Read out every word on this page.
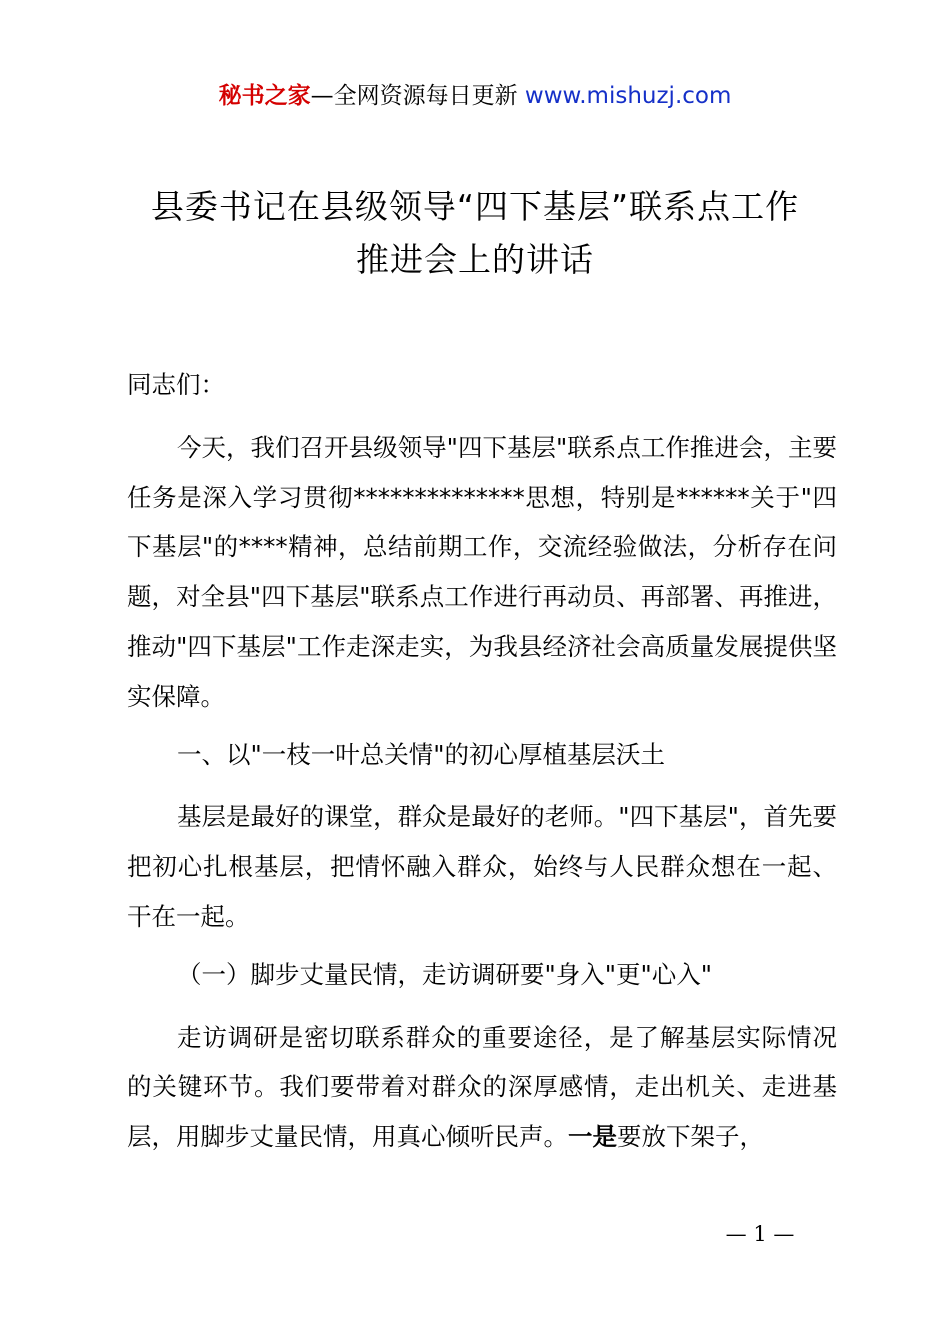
秘书之家—全网资源每日更新 www.mishuzj.com
县委书记在县级领导“四下基层”联系点工作
推进会上的讲话

同志们：

今天，我们召开县级领导"四下基层"联系点工作推进会，主要任务是深入学习贯彻**************思想，特别是******关于"四下基层"的****精神，总结前期工作，交流经验做法，分析存在问题，对全县"四下基层"联系点工作进行再动员、再部署、再推进，推动"四下基层"工作走深走实，为我县经济社会高质量发展提供坚实保障。

一、以"一枝一叶总关情"的初心厚植基层沃土

基层是最好的课堂，群众是最好的老师。"四下基层"，首先要把初心扎根基层，把情怀融入群众，始终与人民群众想在一起、干在一起。

（一）脚步丈量民情，走访调研要"身入"更"心入"

走访调研是密切联系群众的重要途径，是了解基层实际情况的关键环节。我们要带着对群众的深厚感情，走出机关、走进基层，用脚步丈量民情，用真心倾听民声。一是要放下架子，

— 1 —
